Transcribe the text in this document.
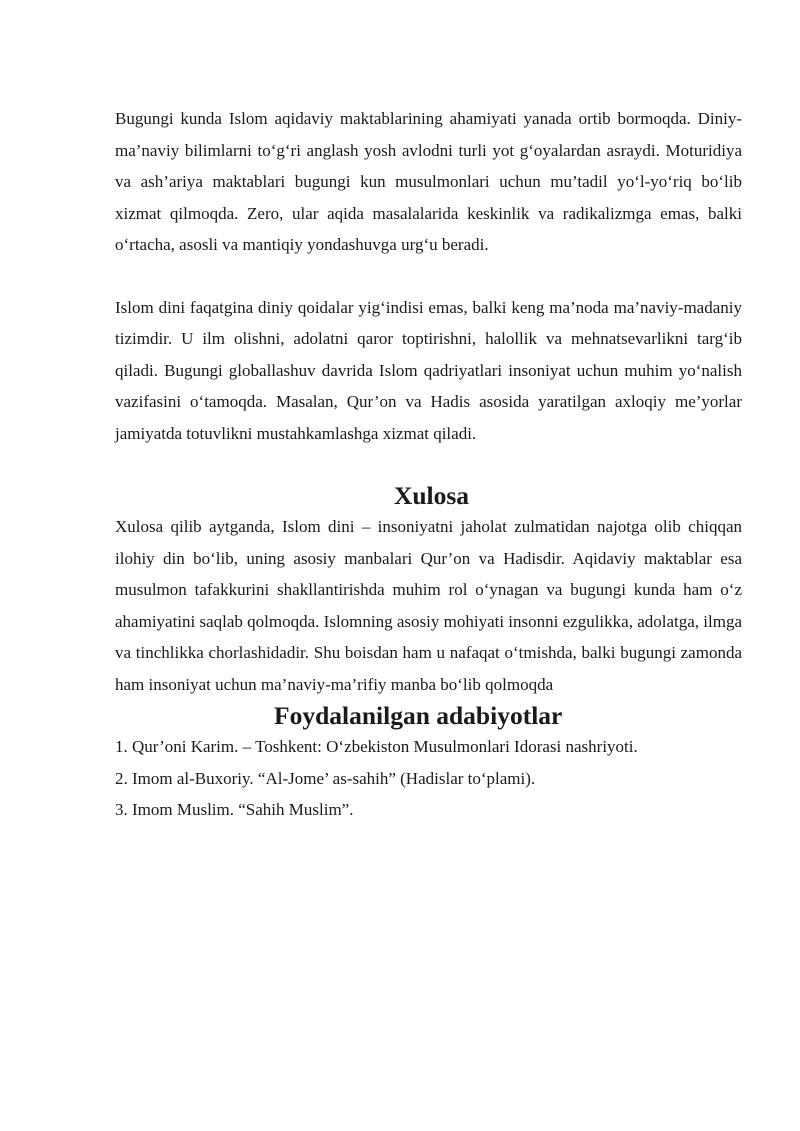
Bugungi kunda Islom aqidaviy maktablarining ahamiyati yanada ortib bormoqda. Diniy-ma’naviy bilimlarni to‘g‘ri anglash yosh avlodni turli yot g‘oyalardan asraydi. Moturidiya va ash’ariya maktablari bugungi kun musulmonlari uchun mu’tadil yo‘l-yo‘riq bo‘lib xizmat qilmoqda. Zero, ular aqida masalalarida keskinlik va radikalizmga emas, balki o‘rtacha, asosli va mantiqiy yondashuvga urg‘u beradi.

Islom dini faqatgina diniy qoidalar yig‘indisi emas, balki keng ma’noda ma’naviy-madaniy tizimdir. U ilm olishni, adolatni qaror toptirishni, halollik va mehnatsevarlikni targ‘ib qiladi. Bugungi globallashuv davrida Islom qadriyatlari insoniyat uchun muhim yo‘nalish vazifasini o‘tamoqda. Masalan, Qur’on va Hadis asosida yaratilgan axloqiy me’yorlar jamiyatda totuvlikni mustahkamlashga xizmat qiladi.

Xulosa

Xulosa qilib aytganda, Islom dini – insoniyatni jaholat zulmatidan najotga olib chiqqan ilohiy din bo‘lib, uning asosiy manbalari Qur’on va Hadisdir. Aqidaviy maktablar esa musulmon tafakkurini shakllantirishda muhim rol o‘ynagan va bugungi kunda ham o‘z ahamiyatini saqlab qolmoqda. Islomning asosiy mohiyati insonni ezgulikka, adolatga, ilmga va tinchlikka chorlashidadir. Shu boisdan ham u nafaqat o‘tmishda, balki bugungi zamonda ham insoniyat uchun ma’naviy-ma’rifiy manba bo‘lib qolmoqda

Foydalanilgan adabiyotlar
1. Qur’oni Karim. – Toshkent: O‘zbekiston Musulmonlari Idorasi nashriyoti.
2. Imom al-Buxoriy. “Al-Jome’ as-sahih” (Hadislar to‘plami).
3. Imom Muslim. “Sahih Muslim”.
